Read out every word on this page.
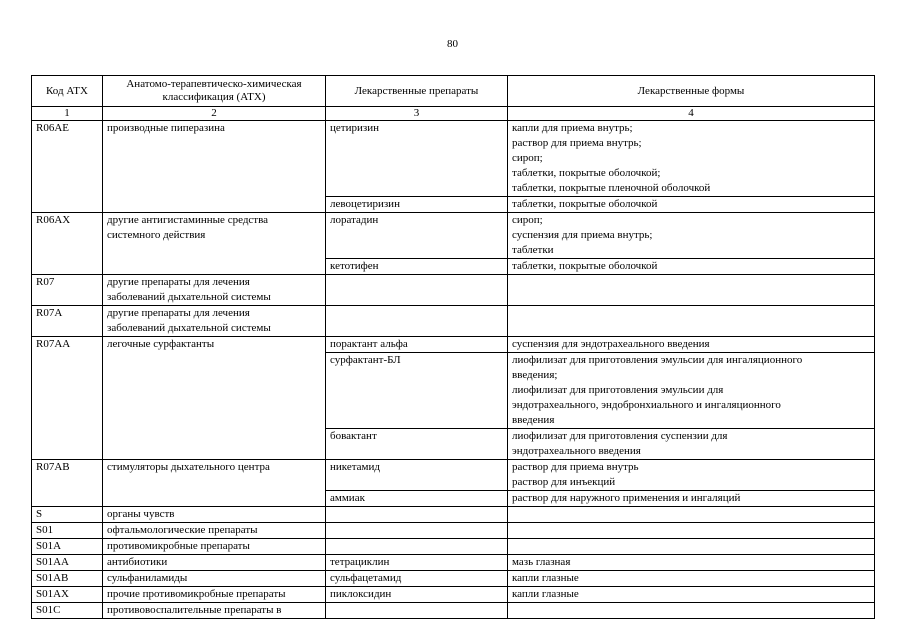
80
Код АТХ	Анатомо-терапевтическо-химическая классификация (АТХ)	Лекарственные препараты	Лекарственные формы
1	2	3	4
R06AE	производные пиперазина	цетиризин	капли для приема внутрь;
раствор для приема внутрь;
сироп;
таблетки, покрытые оболочкой;
таблетки, покрытые пленочной оболочкой

		левоцетиризин	таблетки, покрытые оболочкой

R06AX	другие антигистаминные средства
системного действия	лоратадин	сироп;
суспензия для приема внутрь;
таблетки

		кетотифен	таблетки, покрытые оболочкой

R07	другие препараты для лечения
заболеваний дыхательной системы		

R07A	другие препараты для лечения
заболеваний дыхательной системы		

R07AA	легочные сурфактанты	порактант альфа	суспензия для эндотрахеального введения

		сурфактант-БЛ	лиофилизат для приготовления эмульсии для ингаляционного
введения;
лиофилизат для приготовления эмульсии для
эндотрахеального, эндобронхиального и ингаляционного
введения

		бовактант	лиофилизат для приготовления суспензии для
эндотрахеального введения

R07AB	стимуляторы дыхательного центра	никетамид	раствор для приема внутрь
раствор для инъекций

		аммиак	раствор для наружного применения и ингаляций

S	органы чувств		

S01	офтальмологические препараты		

S01A	противомикробные препараты		

S01AA	антибиотики	тетрациклин	мазь глазная

S01AB	сульфаниламиды	сульфацетамид	капли глазные

S01AX	прочие противомикробные препараты	пиклоксидин	капли глазные

S01C	противовоспалительные препараты в		
